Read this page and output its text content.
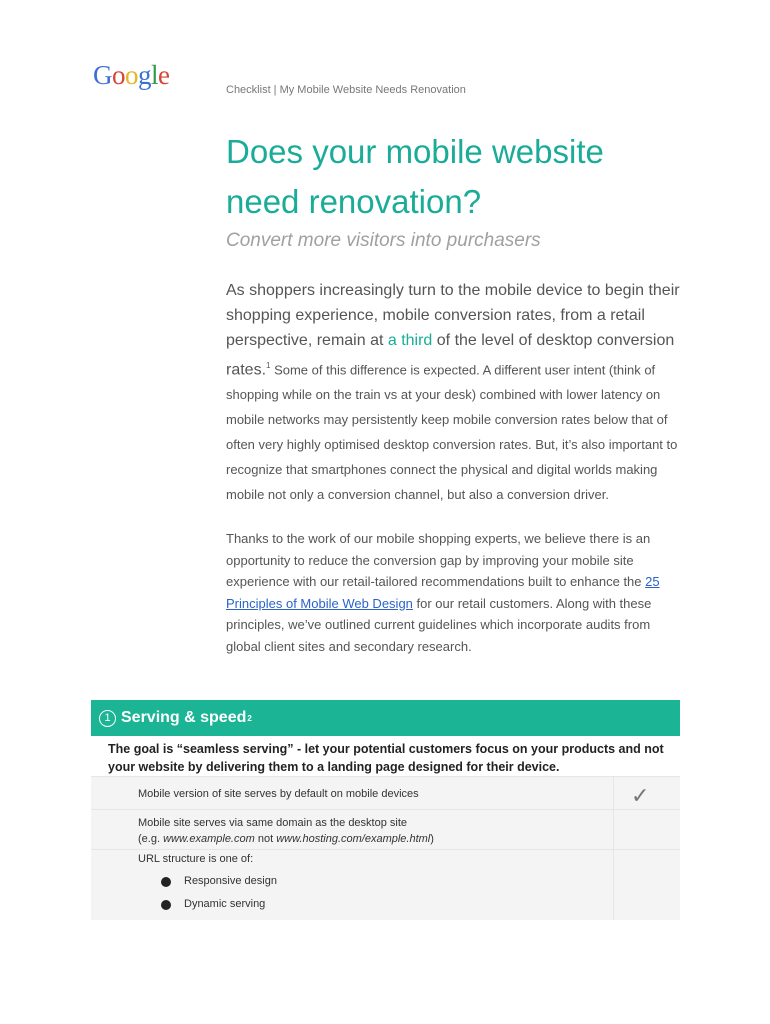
Google	Checklist | My Mobile Website Needs Renovation
Does your mobile website need renovation?
Convert more visitors into purchasers
As shoppers increasingly turn to the mobile device to begin their shopping experience, mobile conversion rates, from a retail perspective, remain at a third of the level of desktop conversion rates.$^1$ Some of this difference is expected. A different user intent (think of shopping while on the train vs at your desk) combined with lower latency on mobile networks may persistently keep mobile conversion rates below that of often very highly optimised desktop conversion rates. But, it’s also important to recognize that smartphones connect the physical and digital worlds making mobile not only a conversion channel, but also a conversion driver.
Thanks to the work of our mobile shopping experts, we believe there is an opportunity to reduce the conversion gap by improving your mobile site experience with our retail-tailored recommendations built to enhance the 25 Principles of Mobile Web Design for our retail customers. Along with these principles, we’ve outlined current guidelines which incorporate audits from global client sites and secondary research.
1 Serving & speed 2
The goal is “seamless serving” - let your potential customers focus on your products and not your website by delivering them to a landing page designed for their device.
Mobile version of site serves by default on mobile devices	✓
Mobile site serves via same domain as the desktop site
(e.g. www.example.com not www.hosting.com/example.html)
URL structure is one of:
Responsive design
Dynamic serving
